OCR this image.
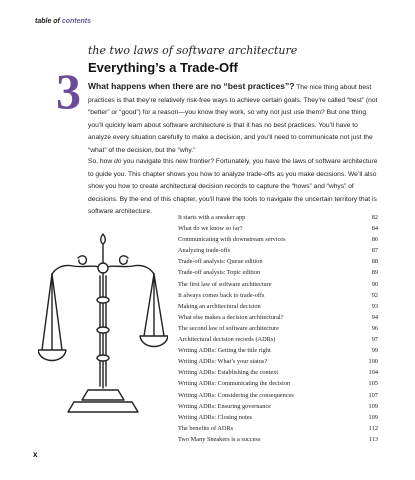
table of contents
3
the two laws of software architecture
Everything’s a Trade-Off
What happens when there are no “best practices”? The nice thing about best practices is that they’re relatively risk-free ways to achieve certain goals. They’re called “best” (not “better” or “good”) for a reason—you know they work, so why not just use them? But one thing you’ll quickly learn about software architecture is that it has no best practices. You’ll have to analyze every situation carefully to make a decision, and you’ll need to communicate not just the “what” of the decision, but the “why.”
So, how do you navigate this new frontier? Fortunately, you have the laws of software architecture to guide you. This chapter shows you how to analyze trade-offs as you make decisions. We’ll also show you how to create architectural decision records to capture the “hows” and “whys” of decisions. By the end of this chapter, you’ll have the tools to navigate the uncertain territory that is software architecture.
It starts with a sneaker app	82
What do we know so far?	84
Communicating with downstream services	86
Analyzing trade-offs	87
Trade-off analysis: Queue edition	88
Trade-off analysis: Topic edition	89
The first law of software architecture	90
It always comes back to trade-offs	92
Making an architectural decision	93
What else makes a decision architectural?	94
The second law of software architecture	96
Architectural decision records (ADRs)	97
Writing ADRs: Getting the title right	99
Writing ADRs: What’s your status?	100
Writing ADRs: Establishing the context	104
Writing ADRs: Communicating the decision	105
Writing ADRs: Considering the consequences	107
Writing ADRs: Ensuring governance	109
Writing ADRs: Closing notes	109
The benefits of ADRs	112
Two Many Sneakers is a success	113
x
